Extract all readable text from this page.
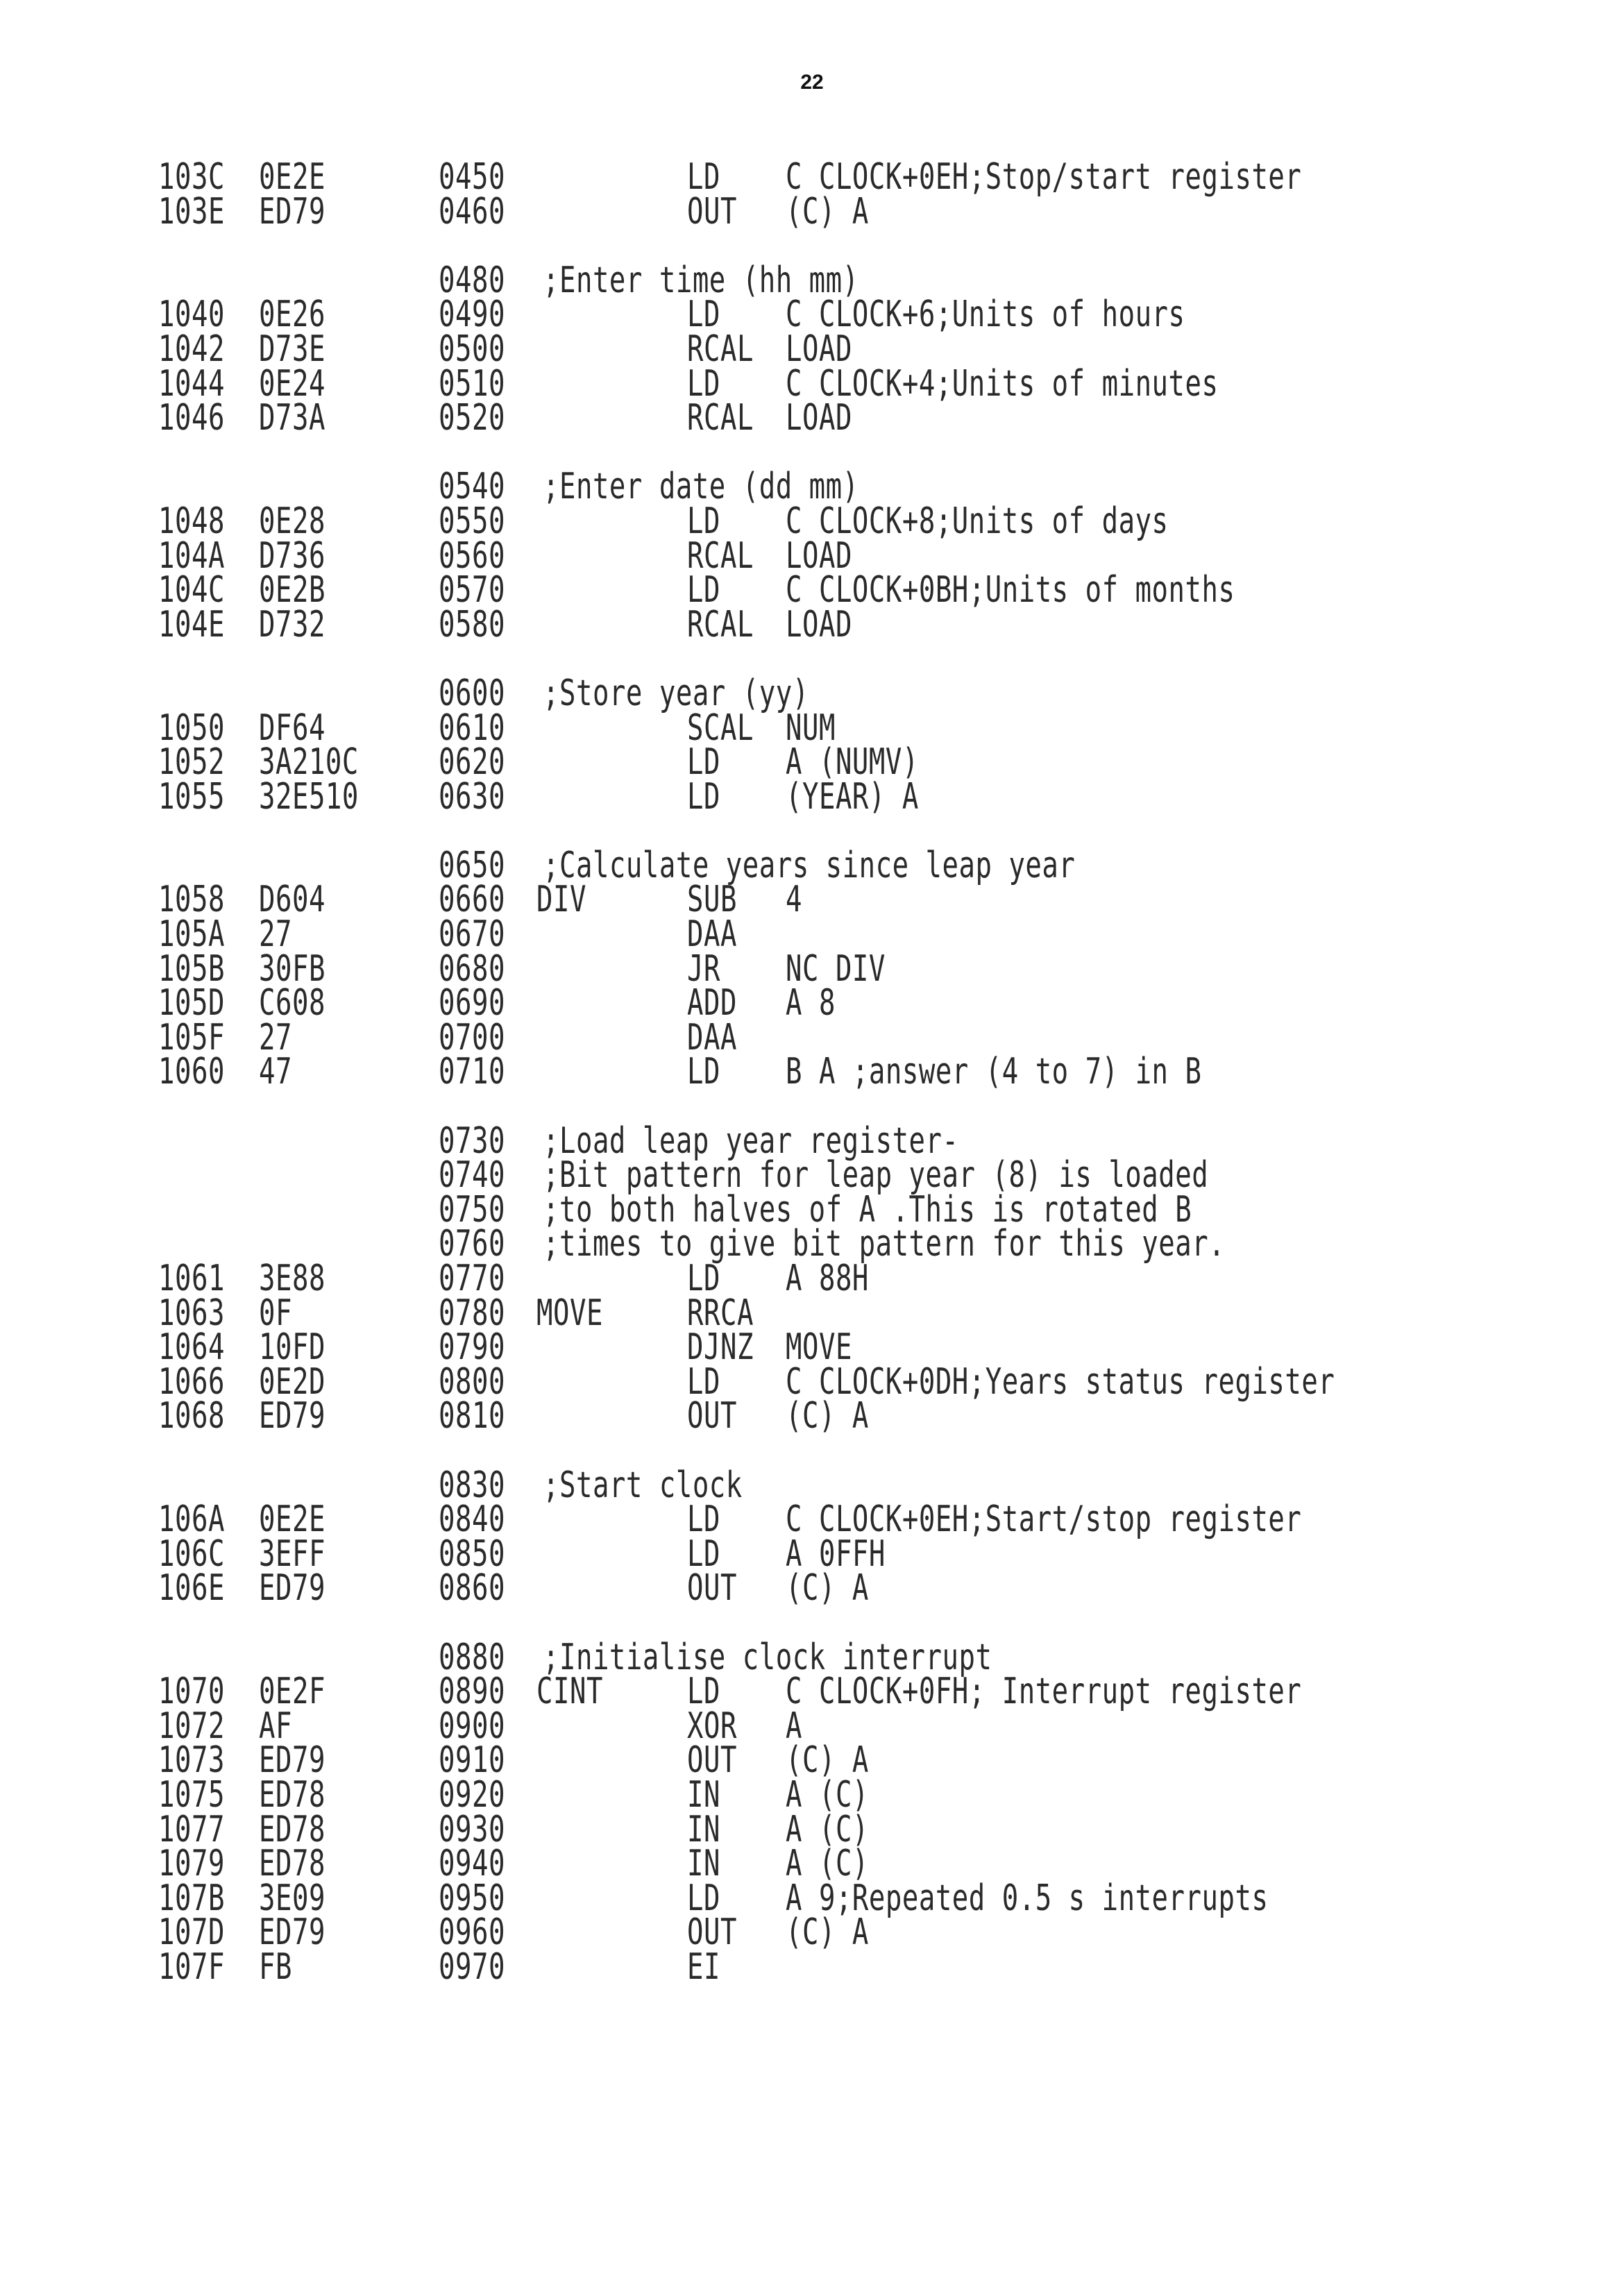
22
103C 0E2E	0450	LD C CLOCK+0EH;Stop/start register
103E ED79	0460	OUT (C) A
0480 ;Enter time (hh mm)
1040 0E26	0490	LD C CLOCK+6;Units of hours
1042 D73E	0500	RCAL LOAD
1044 0E24	0510	LD C CLOCK+4;Units of minutes
1046 D73A	0520	RCAL LOAD
0540 ;Enter date (dd mm)
1048 0E28	0550	LD C CLOCK+8;Units of days
104A D736	0560	RCAL LOAD
104C 0E2B	0570	LD C CLOCK+0BH;Units of months
104E D732	0580	RCAL LOAD
0600 ;Store year (yy)
1050 DF64	0610	SCAL NUM
1052 3A210C	0620	LD A (NUMV)
1055 32E510	0630	LD (YEAR) A
0650 ;Calculate years since leap year
1058 D604	0660 DIV	SUB 4
105A 27	0670	DAA
105B 30FB	0680	JR NC DIV
105D C608	0690	ADD A 8
105F 27	0700	DAA
1060 47	0710	LD B A ;answer (4 to 7) in B
0730 ;Load leap year register-
0740 ;Bit pattern for leap year (8) is loaded
0750 ;to both halves of A .This is rotated B
0760 ;times to give bit pattern for this year.
1061 3E88	0770	LD A 88H
1063 0F	0780 MOVE	RRCA
1064 10FD	0790	DJNZ MOVE
1066 0E2D	0800	LD C CLOCK+0DH;Years status register
1068 ED79	0810	OUT (C) A
0830 ;Start clock
106A 0E2E	0840	LD C CLOCK+0EH;Start/stop register
106C 3EFF	0850	LD A 0FFH
106E ED79	0860	OUT (C) A
0880 ;Initialise clock interrupt
1070 0E2F	0890 CINT	LD C CLOCK+0FH; Interrupt register
1072 AF	0900	XOR A
1073 ED79	0910	OUT (C) A
1075 ED78	0920	IN A (C)
1077 ED78	0930	IN A (C)
1079 ED78	0940	IN A (C)
107B 3E09	0950	LD A 9;Repeated 0.5 s interrupts
107D ED79	0960	OUT (C) A
107F FB	0970	EI
